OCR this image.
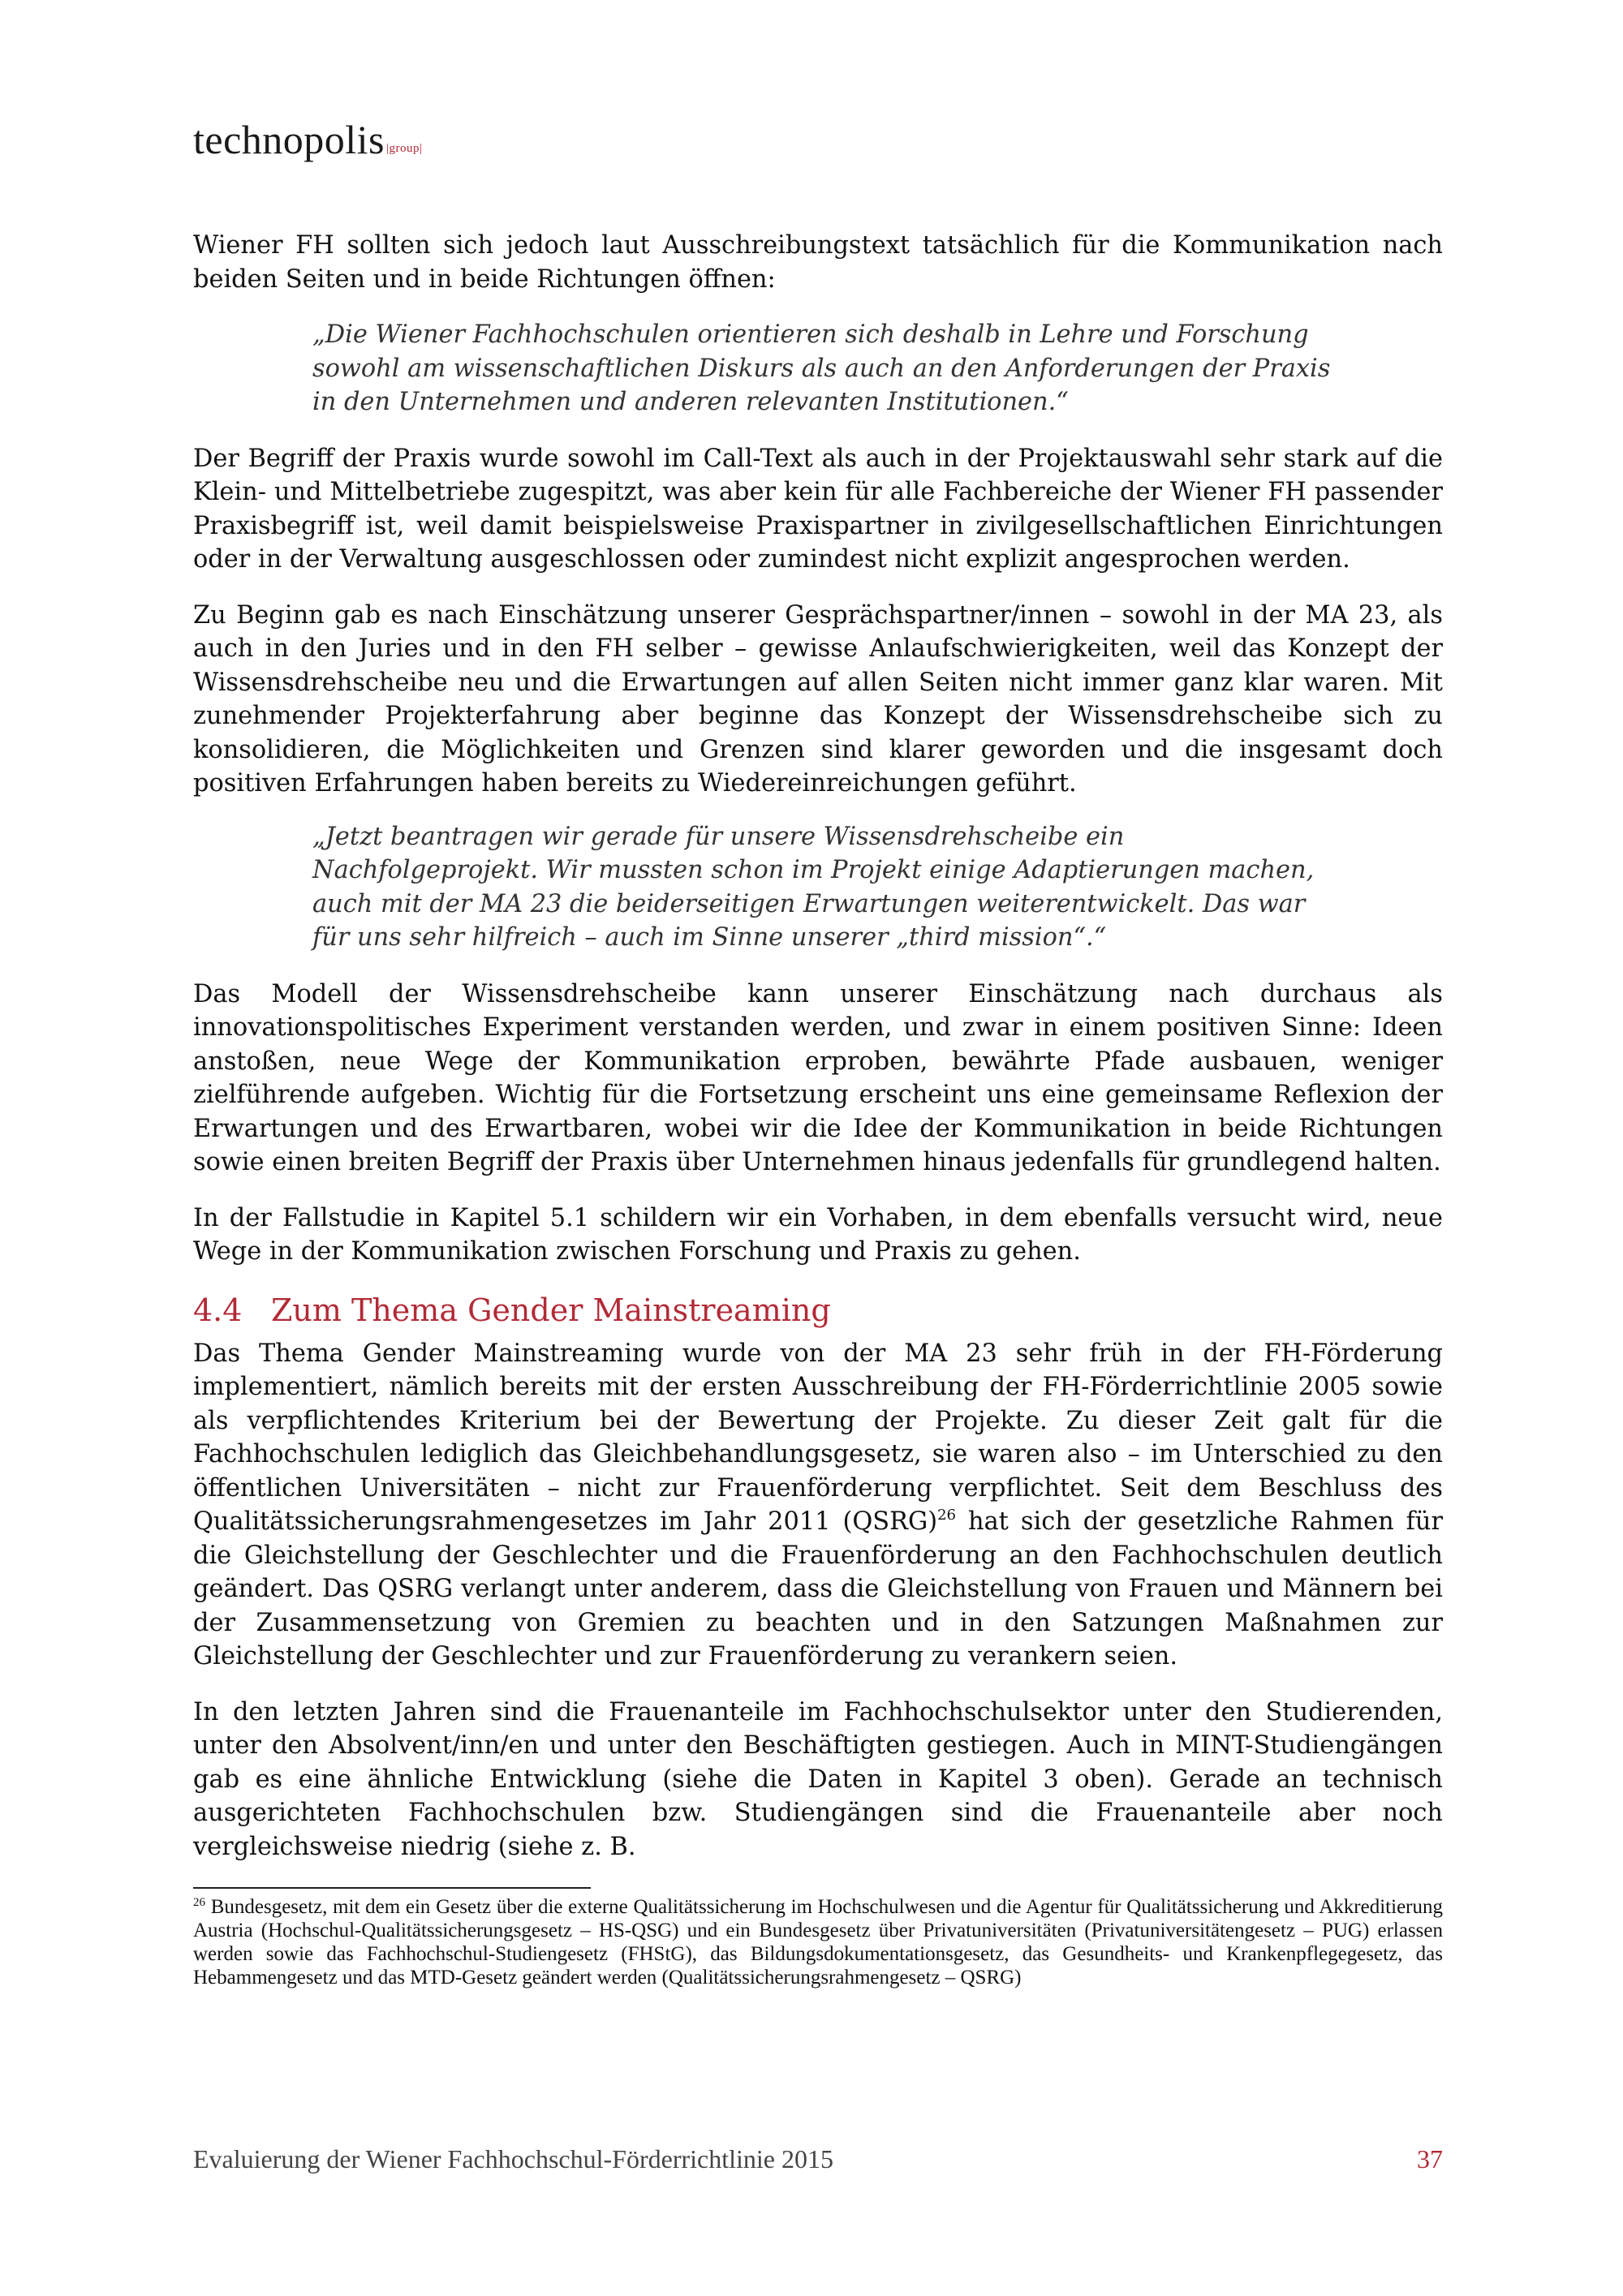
technopolis |group|

Wiener FH sollten sich jedoch laut Ausschreibungstext tatsächlich für die Kommunikation nach beiden Seiten und in beide Richtungen öffnen:

„Die Wiener Fachhochschulen orientieren sich deshalb in Lehre und Forschung sowohl am wissenschaftlichen Diskurs als auch an den Anforderungen der Praxis in den Unternehmen und anderen relevanten Institutionen.“

Der Begriff der Praxis wurde sowohl im Call-Text als auch in der Projektauswahl sehr stark auf die Klein- und Mittelbetriebe zugespitzt, was aber kein für alle Fachbereiche der Wiener FH passender Praxisbegriff ist, weil damit beispielsweise Praxispartner in zivilgesellschaftlichen Einrichtungen oder in der Verwaltung ausgeschlossen oder zumindest nicht explizit angesprochen werden.

Zu Beginn gab es nach Einschätzung unserer Gesprächspartner/innen – sowohl in der MA 23, als auch in den Juries und in den FH selber – gewisse Anlaufschwierigkeiten, weil das Konzept der Wissensdrehscheibe neu und die Erwartungen auf allen Seiten nicht immer ganz klar waren. Mit zunehmender Projekterfahrung aber beginne das Konzept der Wissensdrehscheibe sich zu konsolidieren, die Möglichkeiten und Grenzen sind klarer geworden und die insgesamt doch positiven Erfahrungen haben bereits zu Wiedereinreichungen geführt.

„Jetzt beantragen wir gerade für unsere Wissensdrehscheibe ein Nachfolgeprojekt. Wir mussten schon im Projekt einige Adaptierungen machen, auch mit der MA 23 die beiderseitigen Erwartungen weiterentwickelt. Das war für uns sehr hilfreich – auch im Sinne unserer „third mission“.“

Das Modell der Wissensdrehscheibe kann unserer Einschätzung nach durchaus als innovationspolitisches Experiment verstanden werden, und zwar in einem positiven Sinne: Ideen anstoßen, neue Wege der Kommunikation erproben, bewährte Pfade ausbauen, weniger zielführende aufgeben. Wichtig für die Fortsetzung erscheint uns eine gemeinsame Reflexion der Erwartungen und des Erwartbaren, wobei wir die Idee der Kommunikation in beide Richtungen sowie einen breiten Begriff der Praxis über Unternehmen hinaus jedenfalls für grundlegend halten.

In der Fallstudie in Kapitel 5.1 schildern wir ein Vorhaben, in dem ebenfalls versucht wird, neue Wege in der Kommunikation zwischen Forschung und Praxis zu gehen.

4.4 Zum Thema Gender Mainstreaming

Das Thema Gender Mainstreaming wurde von der MA 23 sehr früh in der FH-Förderung implementiert, nämlich bereits mit der ersten Ausschreibung der FH-Förderrichtlinie 2005 sowie als verpflichtendes Kriterium bei der Bewertung der Projekte. Zu dieser Zeit galt für die Fachhochschulen lediglich das Gleichbehandlungsgesetz, sie waren also – im Unterschied zu den öffentlichen Universitäten – nicht zur Frauenförderung verpflichtet. Seit dem Beschluss des Qualitätssicherungsrahmengesetzes im Jahr 2011 (QSRG)$^{26}$ hat sich der gesetzliche Rahmen für die Gleichstellung der Geschlechter und die Frauenförderung an den Fachhochschulen deutlich geändert. Das QSRG verlangt unter anderem, dass die Gleichstellung von Frauen und Männern bei der Zusammensetzung von Gremien zu beachten und in den Satzungen Maßnahmen zur Gleichstellung der Geschlechter und zur Frauenförderung zu verankern seien.

In den letzten Jahren sind die Frauenanteile im Fachhochschulsektor unter den Studierenden, unter den Absolvent/inn/en und unter den Beschäftigten gestiegen. Auch in MINT-Studiengängen gab es eine ähnliche Entwicklung (siehe die Daten in Kapitel 3 oben). Gerade an technisch ausgerichteten Fachhochschulen bzw. Studiengängen sind die Frauenanteile aber noch vergleichsweise niedrig (siehe z. B.

$^{26}$ Bundesgesetz, mit dem ein Gesetz über die externe Qualitätssicherung im Hochschulwesen und die Agentur für Qualitätssicherung und Akkreditierung Austria (Hochschul-Qualitätssicherungsgesetz – HS-QSG) und ein Bundesgesetz über Privatuniversitäten (Privatuniversitätengesetz – PUG) erlassen werden sowie das Fachhochschul-Studiengesetz (FHStG), das Bildungsdokumentationsgesetz, das Gesundheits- und Krankenpflegegesetz, das Hebammengesetz und das MTD-Gesetz geändert werden (Qualitätssicherungsrahmengesetz – QSRG)
Evaluierung der Wiener Fachhochschul-Förderrichtlinie 2015	37
